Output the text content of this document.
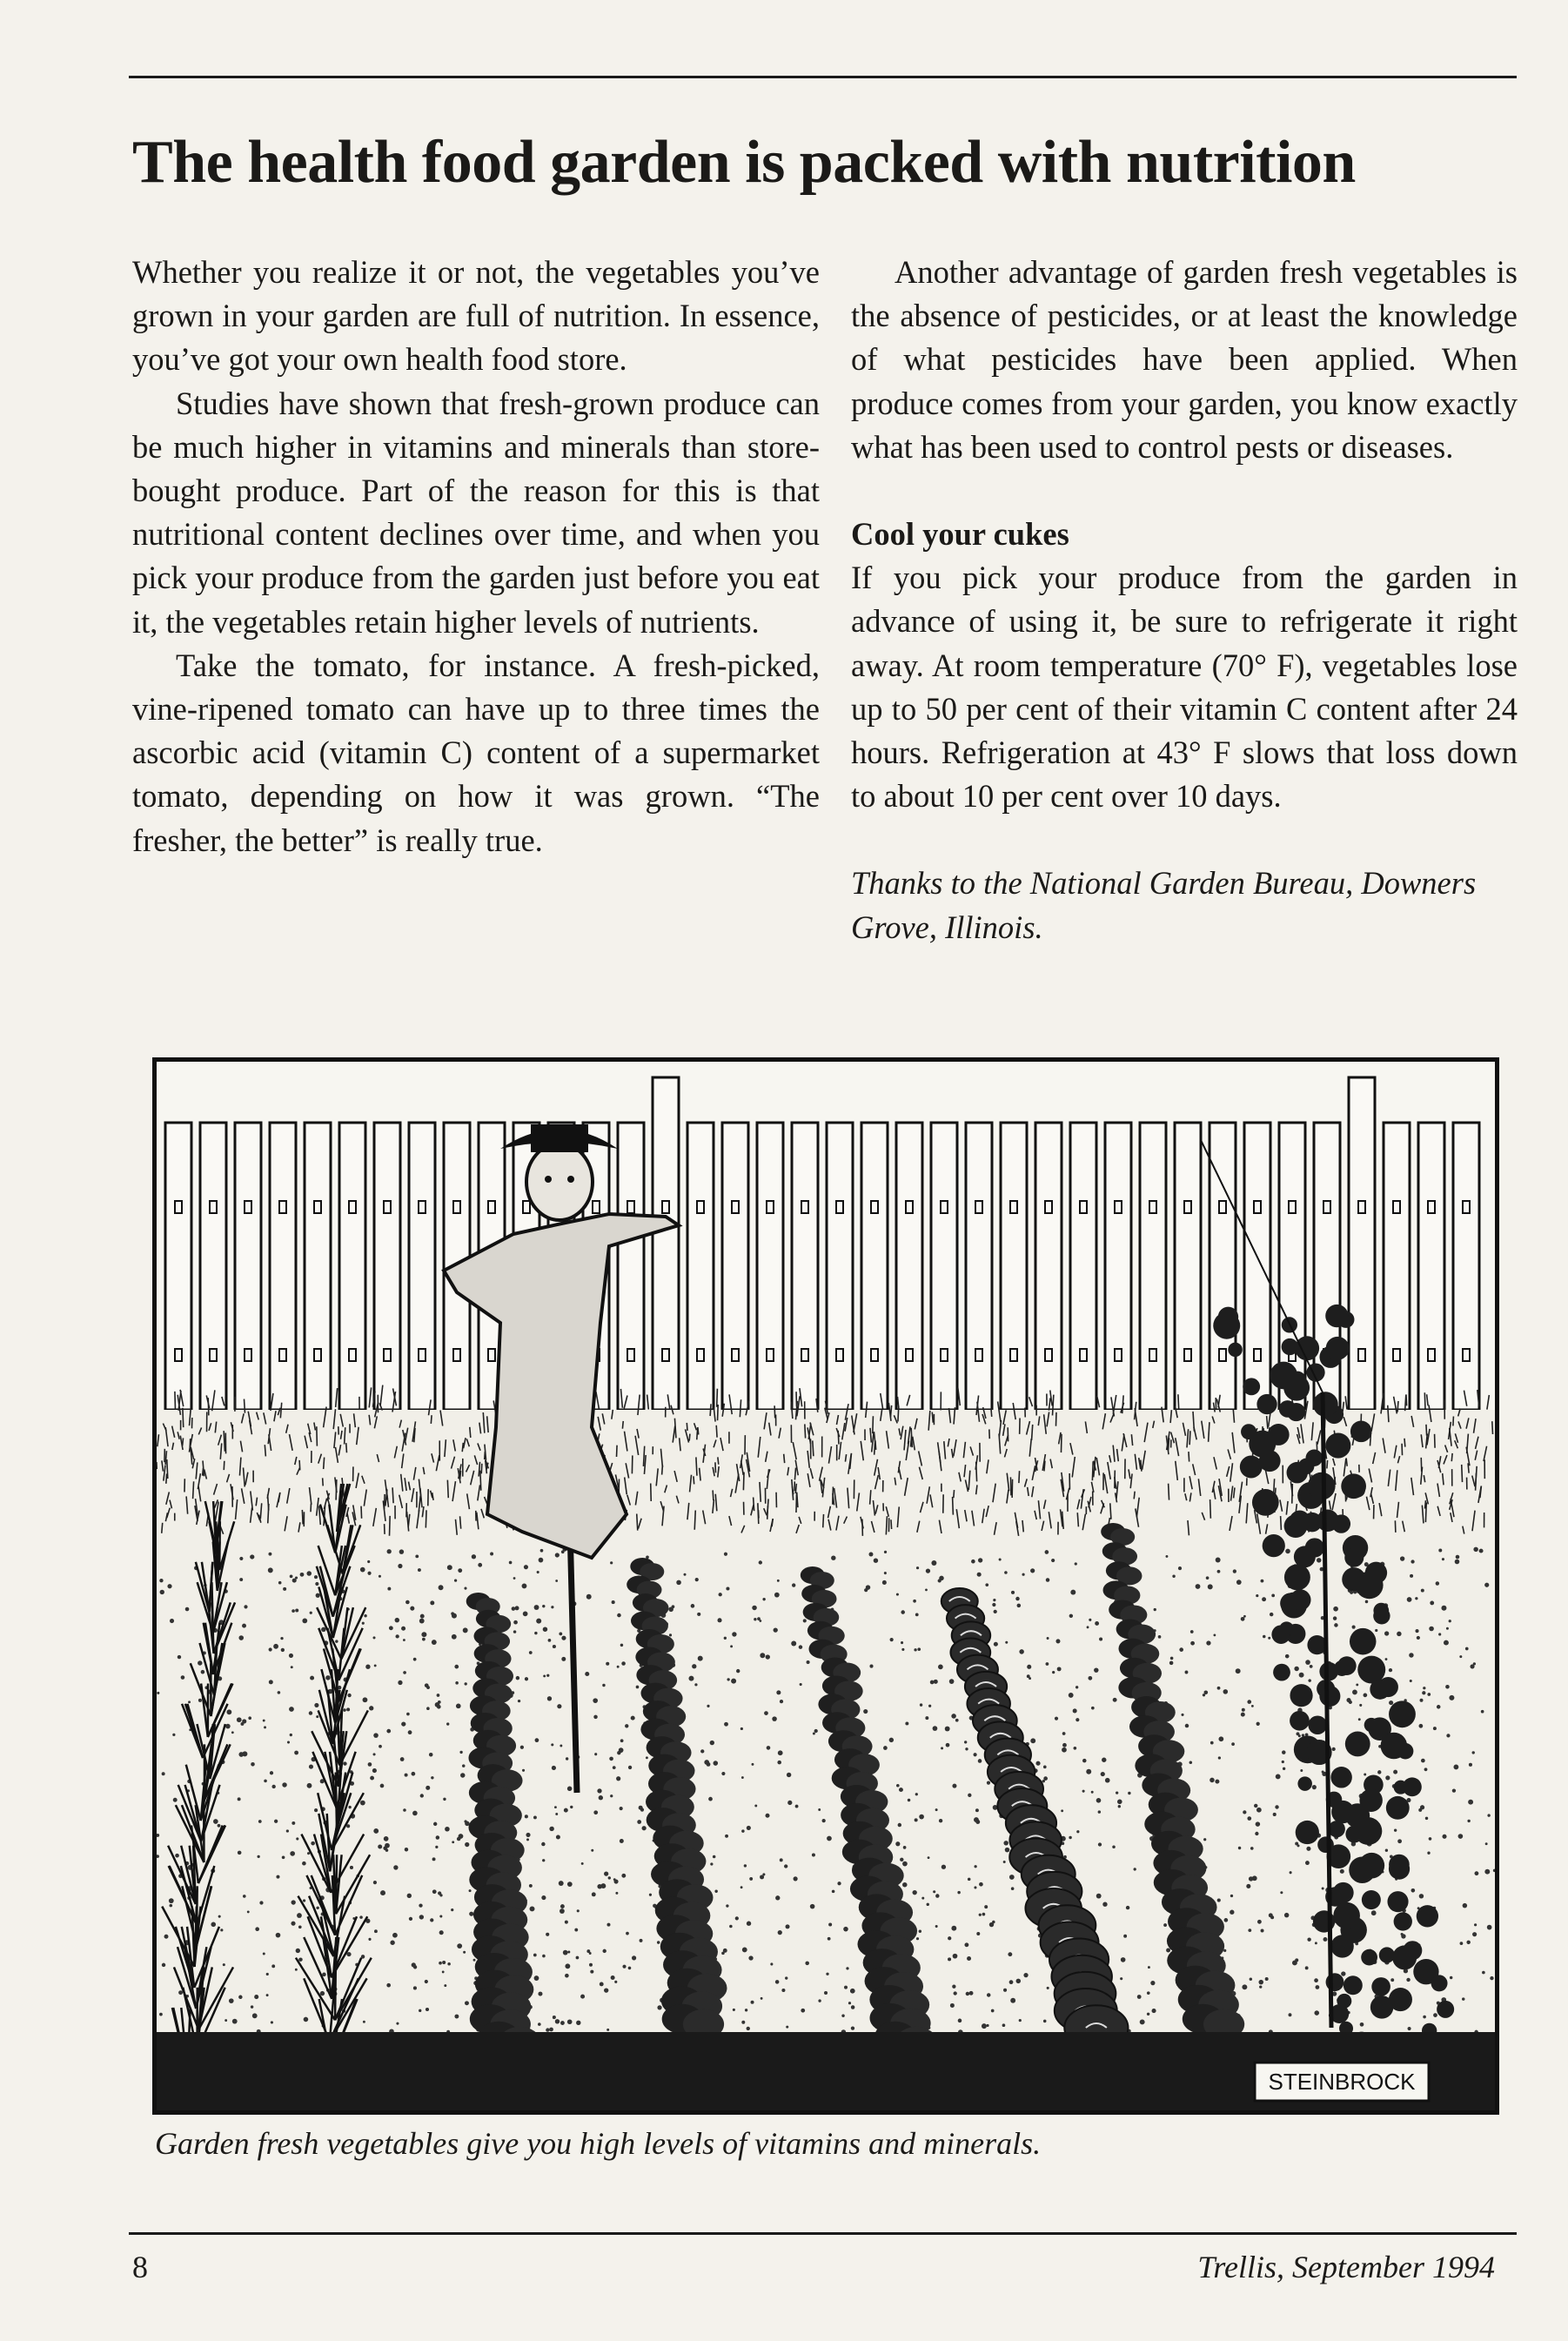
The health food garden is packed with nutrition

Whether you realize it or not, the vegetables you’ve grown in your garden are full of nutrition. In essence, you’ve got your own health food store.

Studies have shown that fresh-grown produce can be much higher in vitamins and minerals than store-bought produce. Part of the reason for this is that nutritional content declines over time, and when you pick your produce from the garden just before you eat it, the vegetables retain higher levels of nutrients.

Take the tomato, for instance. A fresh-picked, vine-ripened tomato can have up to three times the ascorbic acid (vitamin C) content of a supermarket tomato, depending on how it was grown. “The fresher, the better” is really true.

Another advantage of garden fresh vegetables is the absence of pesticides, or at least the knowledge of what pesticides have been applied. When produce comes from your garden, you know exactly what has been used to control pests or diseases.

Cool your cukes

If you pick your produce from the garden in advance of using it, be sure to refrigerate it right away. At room temperature (70° F), vegetables lose up to 50 per cent of their vitamin C content after 24 hours. Refrigeration at 43° F slows that loss down to about 10 per cent over 10 days.

Thanks to the National Garden Bureau, Downers Grove, Illinois.

STEINBROCK
Garden fresh vegetables give you high levels of vitamins and minerals.
8	Trellis, September 1994
